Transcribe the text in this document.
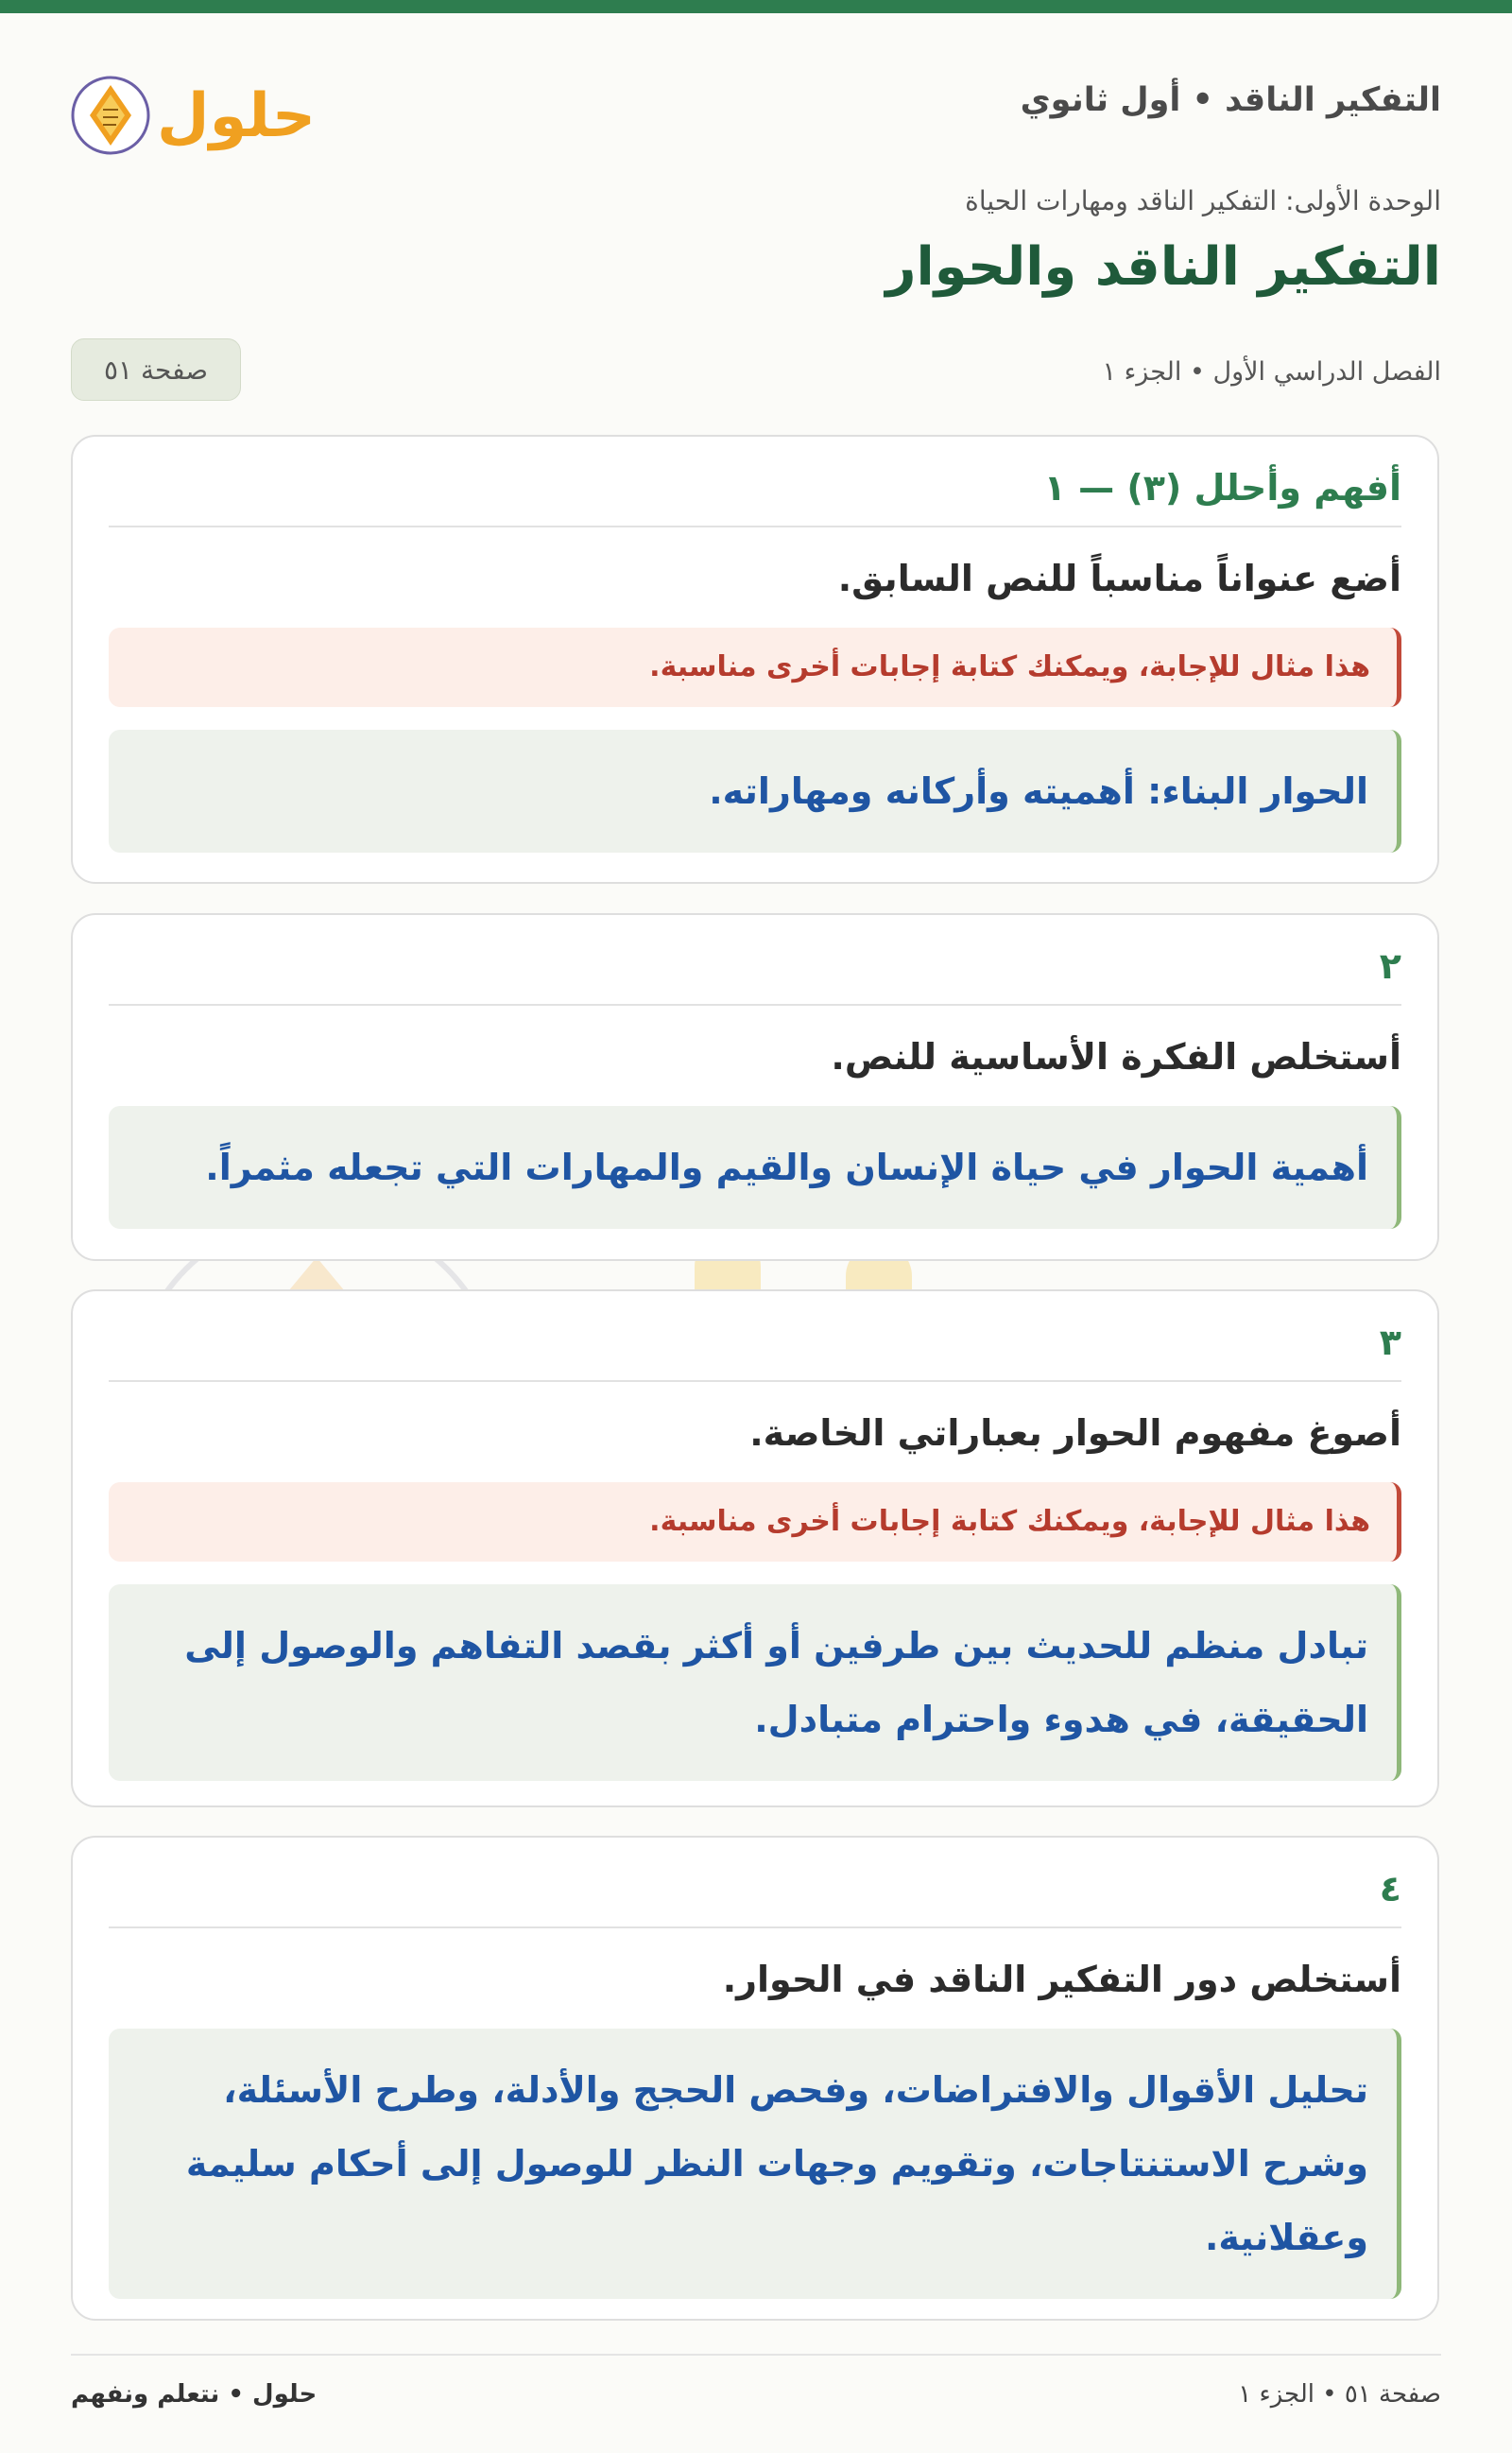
حلول	التفكير الناقد • أول ثانوي
الوحدة الأولى: التفكير الناقد ومهارات الحياة
التفكير الناقد والحوار
الفصل الدراسي الأول • الجزء ١
صفحة ٥١
أفهم وأحلل (٣) — ١
أضع عنواناً مناسباً للنص السابق.
هذا مثال للإجابة، ويمكنك كتابة إجابات أخرى مناسبة.
الحوار البناء: أهميته وأركانه ومهاراته.
٢
أستخلص الفكرة الأساسية للنص.
أهمية الحوار في حياة الإنسان والقيم والمهارات التي تجعله مثمراً.
٣
أصوغ مفهوم الحوار بعباراتي الخاصة.
هذا مثال للإجابة، ويمكنك كتابة إجابات أخرى مناسبة.
تبادل منظم للحديث بين طرفين أو أكثر بقصد التفاهم والوصول إلى الحقيقة، في هدوء واحترام متبادل.
٤
أستخلص دور التفكير الناقد في الحوار.
تحليل الأقوال والافتراضات، وفحص الحجج والأدلة، وطرح الأسئلة، وشرح الاستنتاجات، وتقويم وجهات النظر للوصول إلى أحكام سليمة وعقلانية.
حلول • نتعلم ونفهم	صفحة ٥١ • الجزء ١
